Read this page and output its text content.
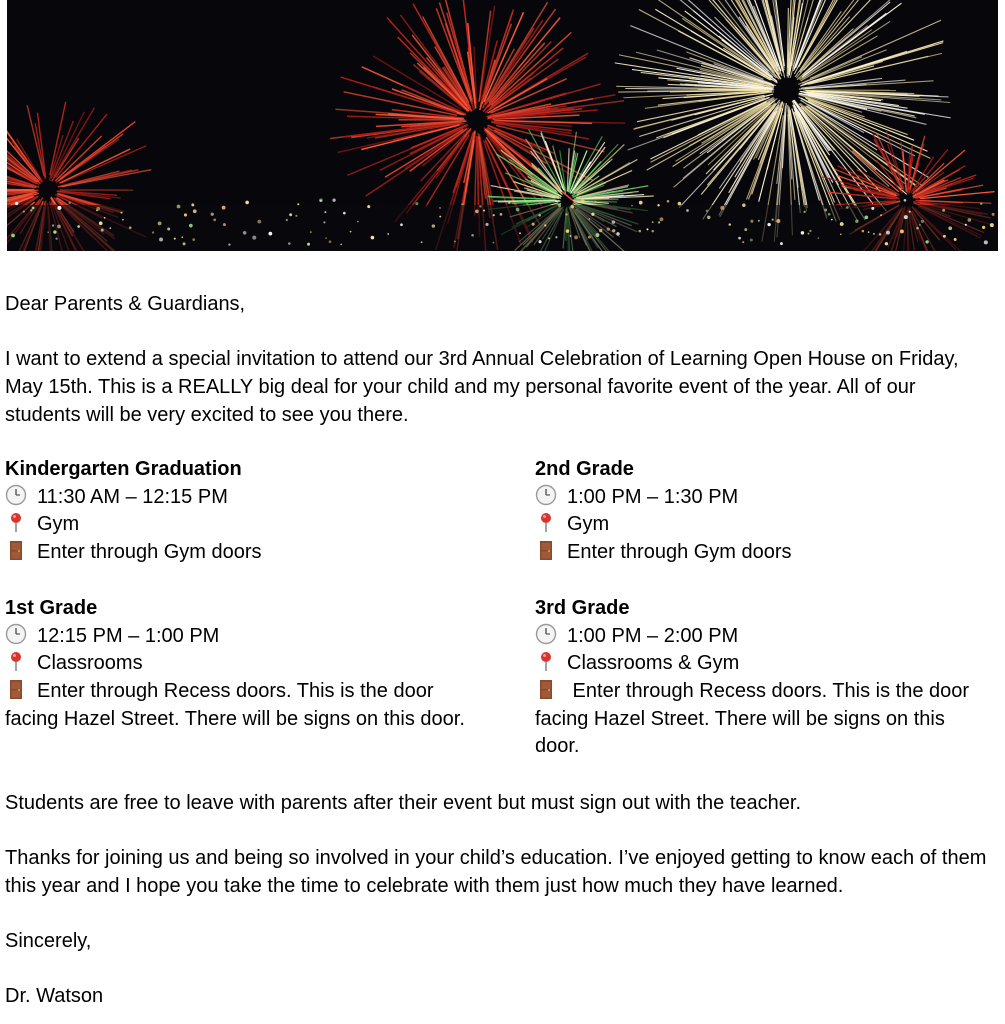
Dear Parents & Guardians,

I want to extend a special invitation to attend our 3rd Annual Celebration of Learning Open House on Friday, May 15th. This is a REALLY big deal for your child and my personal favorite event of the year. All of our students will be very excited to see you there.

Kindergarten Graduation
11:30 AM – 12:15 PM
Gym
Enter through Gym doors
2nd Grade
1:00 PM – 1:30 PM
Gym
Enter through Gym doors
1st Grade
12:15 PM – 1:00 PM
Classrooms
Enter through Recess doors. This is the door facing Hazel Street. There will be signs on this door.
3rd Grade
1:00 PM – 2:00 PM
Classrooms & Gym
Enter through Recess doors. This is the door facing Hazel Street. There will be signs on this door.

Students are free to leave with parents after their event but must sign out with the teacher.

Thanks for joining us and being so involved in your child’s education. I’ve enjoyed getting to know each of them this year and I hope you take the time to celebrate with them just how much they have learned.

Sincerely,

Dr. Watson
